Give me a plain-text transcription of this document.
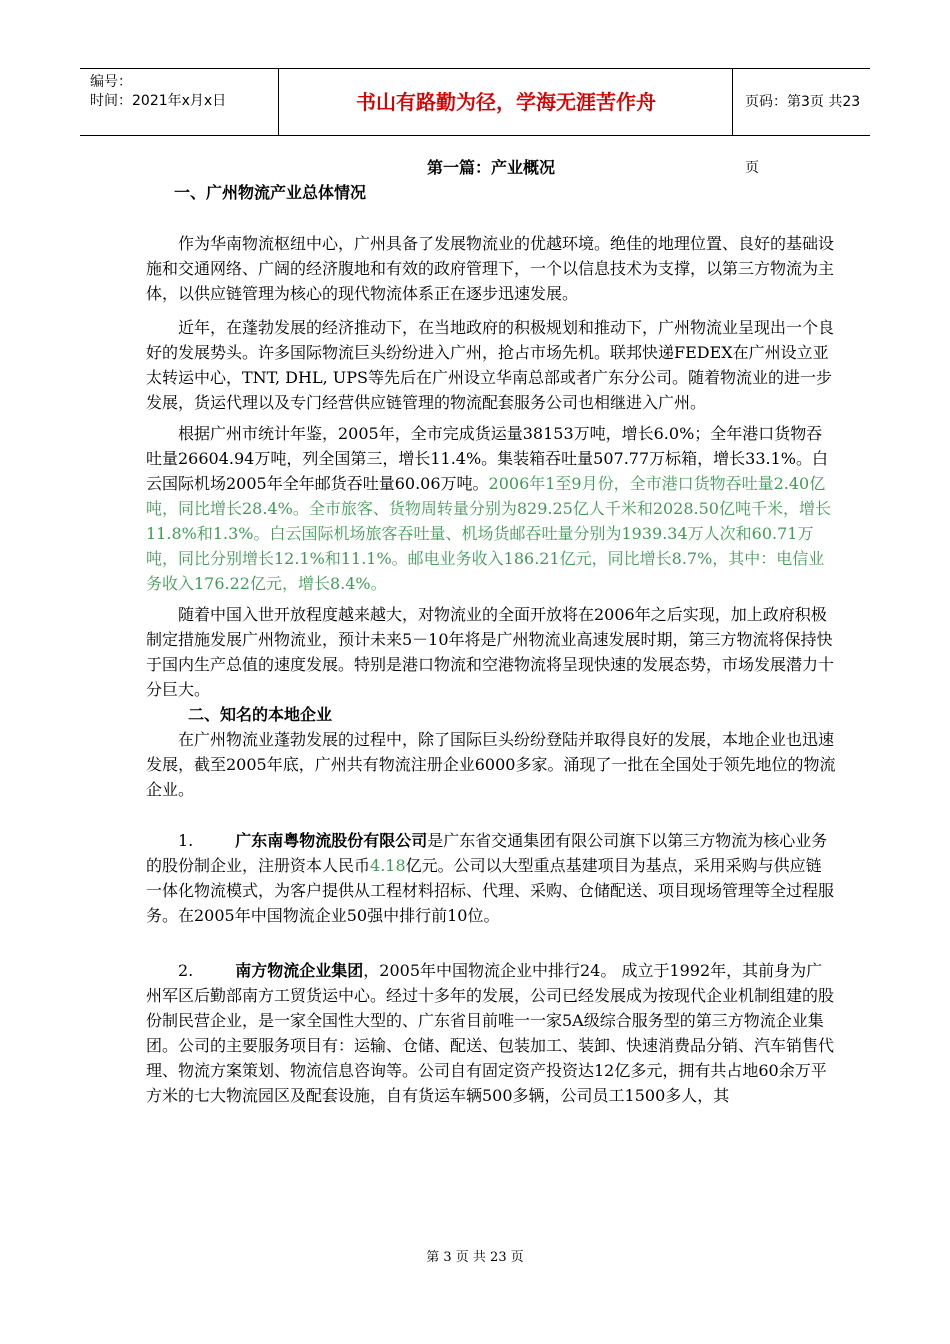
编号：
时间：2021年x月x日	书山有路勤为径，学海无涯苦作舟	页码：第3页 共23页

第一篇：产业概况

一、广州物流产业总体情况

作为华南物流枢纽中心，广州具备了发展物流业的优越环境。绝佳的地理位置、良好的基础设施和交通网络、广阔的经济腹地和有效的政府管理下，一个以信息技术为支撑，以第三方物流为主体，以供应链管理为核心的现代物流体系正在逐步迅速发展。

近年，在蓬勃发展的经济推动下，在当地政府的积极规划和推动下，广州物流业呈现出一个良好的发展势头。许多国际物流巨头纷纷进入广州，抢占市场先机。联邦快递FEDEX在广州设立亚太转运中心，TNT, DHL, UPS等先后在广州设立华南总部或者广东分公司。随着物流业的进一步发展，货运代理以及专门经营供应链管理的物流配套服务公司也相继进入广州。

根据广州市统计年鉴，2005年，全市完成货运量38153万吨，增长6.0%；全年港口货物吞吐量26604.94万吨，列全国第三，增长11.4%。集装箱吞吐量507.77万标箱，增长33.1%。白云国际机场2005年全年邮货吞吐量60.06万吨。2006年1至9月份，全市港口货物吞吐量2.40亿吨，同比增长28.4%。全市旅客、货物周转量分别为829.25亿人千米和2028.50亿吨千米，增长11.8%和1.3%。白云国际机场旅客吞吐量、机场货邮吞吐量分别为1939.34万人次和60.71万吨，同比分别增长12.1%和11.1%。邮电业务收入186.21亿元，同比增长8.7%，其中：电信业务收入176.22亿元，增长8.4%。

随着中国入世开放程度越来越大，对物流业的全面开放将在2006年之后实现，加上政府积极制定措施发展广州物流业，预计未来5－10年将是广州物流业高速发展时期，第三方物流将保持快于国内生产总值的速度发展。特别是港口物流和空港物流将呈现快速的发展态势，市场发展潜力十分巨大。

二、知名的本地企业

在广州物流业蓬勃发展的过程中，除了国际巨头纷纷登陆并取得良好的发展，本地企业也迅速发展，截至2005年底，广州共有物流注册企业6000多家。涌现了一批在全国处于领先地位的物流企业。

1.	广东南粤物流股份有限公司是广东省交通集团有限公司旗下以第三方物流为核心业务的股份制企业，注册资本人民币4.18亿元。公司以大型重点基建项目为基点，采用采购与供应链一体化物流模式，为客户提供从工程材料招标、代理、采购、仓储配送、项目现场管理等全过程服务。在2005年中国物流企业50强中排行前10位。

2.	南方物流企业集团，2005年中国物流企业中排行24。 成立于1992年，其前身为广州军区后勤部南方工贸货运中心。经过十多年的发展，公司已经发展成为按现代企业机制组建的股份制民营企业，是一家全国性大型的、广东省目前唯一一家5A级综合服务型的第三方物流企业集团。公司的主要服务项目有：运输、仓储、配送、包装加工、装卸、快速消费品分销、汽车销售代理、物流方案策划、物流信息咨询等。公司自有固定资产投资达12亿多元，拥有共占地60余万平方米的七大物流园区及配套设施，自有货运车辆500多辆，公司员工1500多人，其

第 3 页 共 23 页
